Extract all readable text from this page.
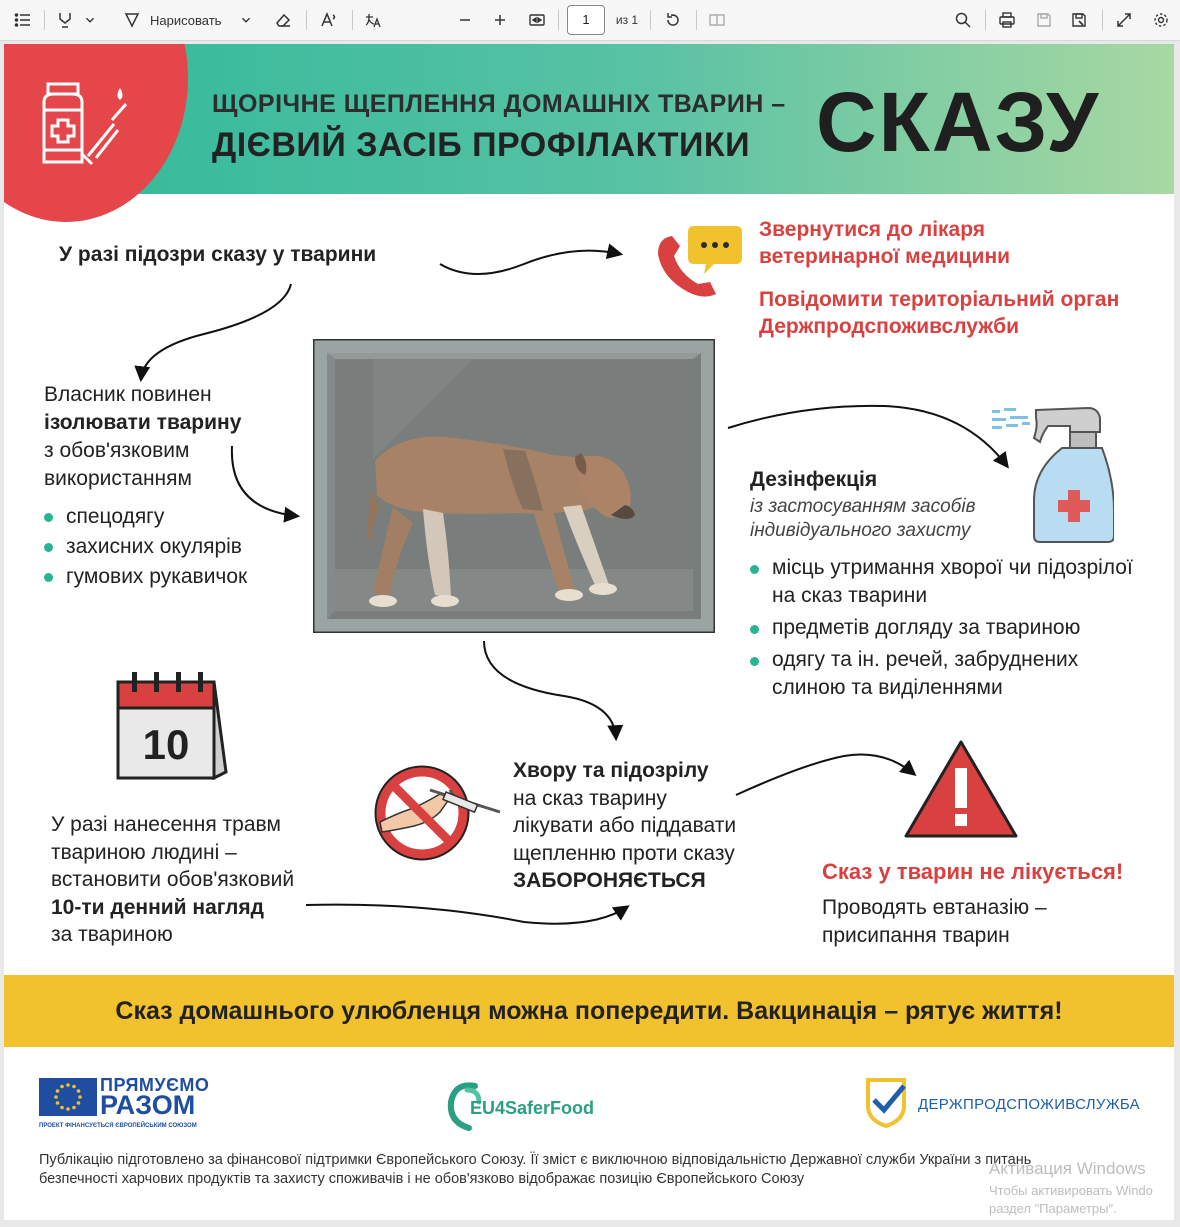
Нарисовать	1	из 1
ЩОРІЧНЕ ЩЕПЛЕННЯ ДОМАШНІХ ТВАРИН –
ДІЄВИЙ ЗАСІБ ПРОФІЛАКТИКИ СКАЗУ
У разі підозри сказу у тварини
Звернутися до лікаря ветеринарної медицини
Повідомити територіальний орган Держпродспоживслужби
Власник повинен
ізолювати тварину
з обов'язковим
використанням
спецодягу
захисних окулярів
гумових рукавичок
Дезінфекція
із застосуванням засобів індивідуального захисту
місць утримання хворої чи підозрілої на сказ тварини
предметів догляду за твариною
одягу та ін. речей, забруднених слиною та виділеннями
10
У разі нанесення травм
твариною людині –
встановити обов'язковий
10-ти денний нагляд
за твариною
Хвору та підозрілу
на сказ тварину
лікувати або піддавати
щепленню проти сказу
ЗАБОРОНЯЄТЬСЯ	Сказ у тварин не лікується!
Проводять евтаназію –
присипання тварин
Сказ домашнього улюбленця можна попередити. Вакцинація – рятує життя!
ПРЯМУЄМО
РАЗОМ
ПРОЕКТ ФІНАНСУЄТЬСЯ ЄВРОПЕЙСЬКИМ СОЮЗОМ
EU4SaferFood	ДЕРЖПРОДСПОЖИВСЛУЖБА
Публікацію підготовлено за фінансової підтримки Європейського Союзу. Її зміст є виключною відповідальністю Державної служби України з питань
безпечності харчових продуктів та захисту споживачів і не обов'язково відображає позицію Європейського Союзу
Активация Windows
Чтобы активировать Windo
раздел "Параметры".
